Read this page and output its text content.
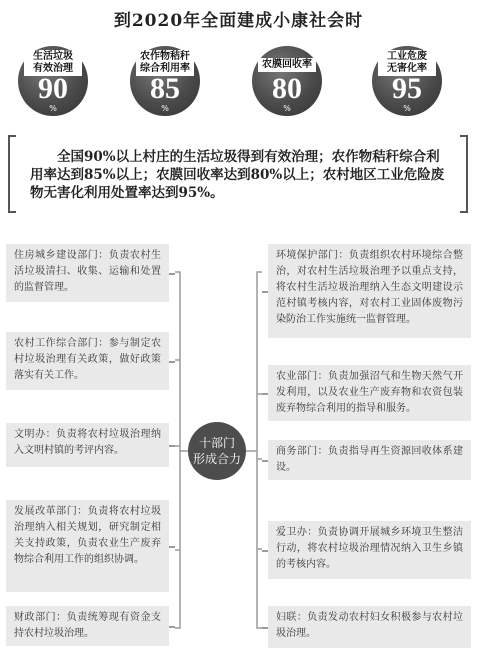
到2020年全面建成小康社会时
生活垃圾
有效治理
90
%
农作物秸秆
综合利用率
85
%
农膜回收率
80
%
工业危废
无害化率
95
%
全国90%以上村庄的生活垃圾得到有效治理；农作物秸秆综合利用率达到85%以上；农膜回收率达到80%以上；农村地区工业危险废物无害化利用处置率达到95%。
十部门
形成合力
住房城乡建设部门：负责农村生活垃圾清扫、收集、运输和处置的监督管理。
农村工作综合部门：参与制定农村垃圾治理有关政策，做好政策落实有关工作。
文明办：负责将农村垃圾治理纳入文明村镇的考评内容。
发展改革部门：负责将农村垃圾治理纳入相关规划，研究制定相关支持政策，负责农业生产废弃物综合利用工作的组织协调。
财政部门：负责统筹现有资金支持农村垃圾治理。
环境保护部门：负责组织农村环境综合整治，对农村生活垃圾治理予以重点支持，将农村生活垃圾治理纳入生态文明建设示范村镇考核内容，对农村工业固体废物污染防治工作实施统一监督管理。
农业部门：负责加强沼气和生物天然气开发利用，以及农业生产废弃物和农资包装废弃物综合利用的指导和服务。
商务部门：负责指导再生资源回收体系建设。
爱卫办：负责协调开展城乡环境卫生整洁行动，将农村垃圾治理情况纳入卫生乡镇的考核内容。
妇联：负责发动农村妇女积极参与农村垃圾治理。
